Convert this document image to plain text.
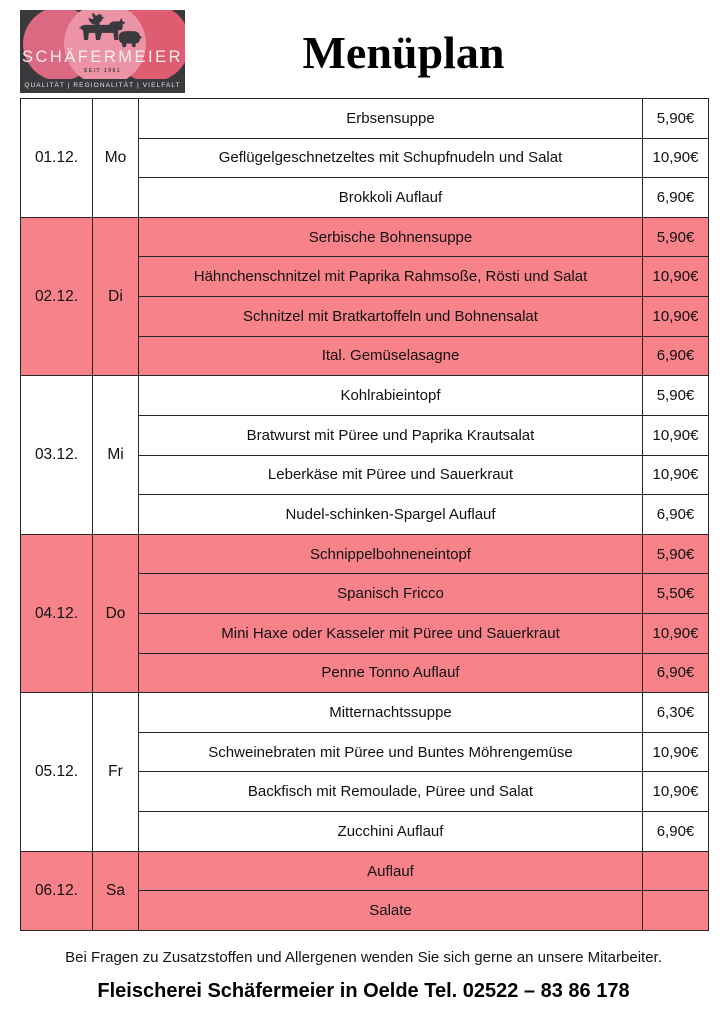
SCHÄFERMEIER
SEIT 1961
QUALITÄT | REGIONALITÄT | VIELFALT
Menüplan
01.12.	Mo	Erbsensuppe	5,90€
		Geflügelgeschnetzeltes mit Schupfnudeln und Salat	10,90€
		Brokkoli Auflauf	6,90€
02.12.	Di	Serbische Bohnensuppe	5,90€
		Hähnchenschnitzel mit Paprika Rahmsoße, Rösti und Salat	10,90€
		Schnitzel mit Bratkartoffeln und Bohnensalat	10,90€
		Ital. Gemüselasagne	6,90€
03.12.	Mi	Kohlrabieintopf	5,90€
		Bratwurst mit Püree und Paprika Krautsalat	10,90€
		Leberkäse mit Püree und Sauerkraut	10,90€
		Nudel-schinken-Spargel Auflauf	6,90€
04.12.	Do	Schnippelbohneneintopf	5,90€
		Spanisch Fricco	5,50€
		Mini Haxe oder Kasseler mit Püree und Sauerkraut	10,90€
		Penne Tonno Auflauf	6,90€
05.12.	Fr	Mitternachtssuppe	6,30€
		Schweinebraten mit Püree und Buntes Möhrengemüse	10,90€
		Backfisch mit Remoulade, Püree und Salat	10,90€
		Zucchini Auflauf	6,90€
06.12.	Sa	Auflauf	
		Salate	

Bei Fragen zu Zusatzstoffen und Allergenen wenden Sie sich gerne an unsere Mitarbeiter.

Fleischerei Schäfermeier in Oelde Tel. 02522 – 83 86 178
